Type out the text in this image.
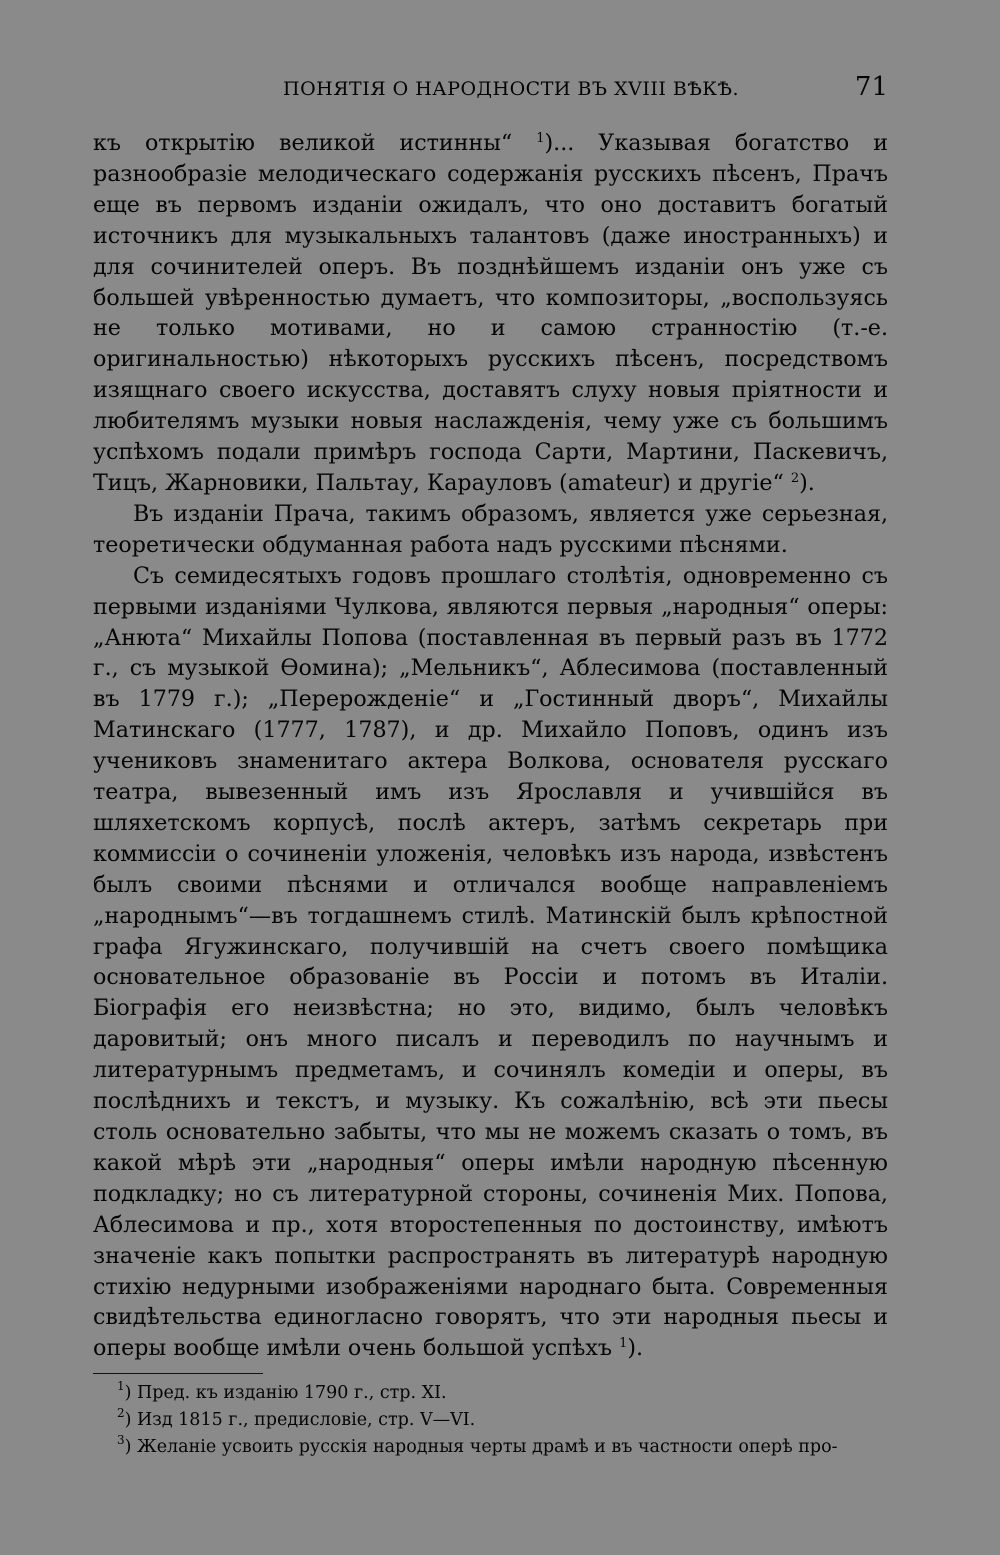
ПОНЯТІЯ О НАРОДНОСТИ ВЪ XVIII ВѢКѢ.	71

къ открытію великой истинны“ $^1$)... Указывая богатство и разнообразіе мелодическаго содержанія русскихъ пѣсенъ, Прачъ еще въ первомъ изданіи ожидалъ, что оно доставитъ богатый источникъ для музыкальныхъ талантовъ (даже иностранныхъ) и для сочинителей оперъ. Въ позднѣйшемъ изданіи онъ уже съ большей увѣренностью думаетъ, что композиторы, „воспользуясь не только мотивами, но и самою странностію (т.-е. оригинальностью) нѣкоторыхъ русскихъ пѣсенъ, посредствомъ изящнаго своего искусства, доставятъ слуху новыя пріятности и любителямъ музыки новыя наслажденія, чему уже съ большимъ успѣхомъ подали примѣръ господа Сарти, Мартини, Паскевичъ, Тицъ, Жарновики, Пальтау, Карауловъ (amateur) и другіе“ $^2$).

Въ изданіи Прача, такимъ образомъ, является уже серьезная, теоретически обдуманная работа надъ русскими пѣснями.

Съ семидесятыхъ годовъ прошлаго столѣтія, одновременно съ первыми изданіями Чулкова, являются первыя „народныя“ оперы: „Анюта“ Михайлы Попова (поставленная въ первый разъ въ 1772 г., съ музыкой Ѳомина); „Мельникъ“, Аблесимова (поставленный въ 1779 г.); „Перерожденіе“ и „Гостинный дворъ“, Михайлы Матинскаго (1777, 1787), и др. Михайло Поповъ, одинъ изъ учениковъ знаменитаго актера Волкова, основателя русскаго театра, вывезенный имъ изъ Ярославля и учившійся въ шляхетскомъ корпусѣ, послѣ актеръ, затѣмъ секретарь при коммиссіи о сочиненіи уложенія, человѣкъ изъ народа, извѣстенъ былъ своими пѣснями и отличался вообще направленіемъ „народнымъ“—въ тогдашнемъ стилѣ. Матинскій былъ крѣпостной графа Ягужинскаго, получившій на счетъ своего помѣщика основательное образованіе въ Россіи и потомъ въ Италіи. Біографія его неизвѣстна; но это, видимо, былъ человѣкъ даровитый; онъ много писалъ и переводилъ по научнымъ и литературнымъ предметамъ, и сочинялъ комедіи и оперы, въ послѣднихъ и текстъ, и музыку. Къ сожалѣнію, всѣ эти пьесы столь основательно забыты, что мы не можемъ сказать о томъ, въ какой мѣрѣ эти „народныя“ оперы имѣли народную пѣсенную подкладку; но съ литературной стороны, сочиненія Мих. Попова, Аблесимова и пр., хотя второстепенныя по достоинству, имѣютъ значеніе какъ попытки распространять въ литературѣ народную стихію недурными изображеніями народнаго быта. Современныя свидѣтельства единогласно говорятъ, что эти народныя пьесы и оперы вообще имѣли очень большой успѣхъ $^1$).

$^1$) Пред. къ изданію 1790 г., стр. XI.
$^2$) Изд 1815 г., предисловіе, стр. V—VI.
$^3$) Желаніе усвоить русскія народныя черты драмѣ и въ частности оперѣ про-
